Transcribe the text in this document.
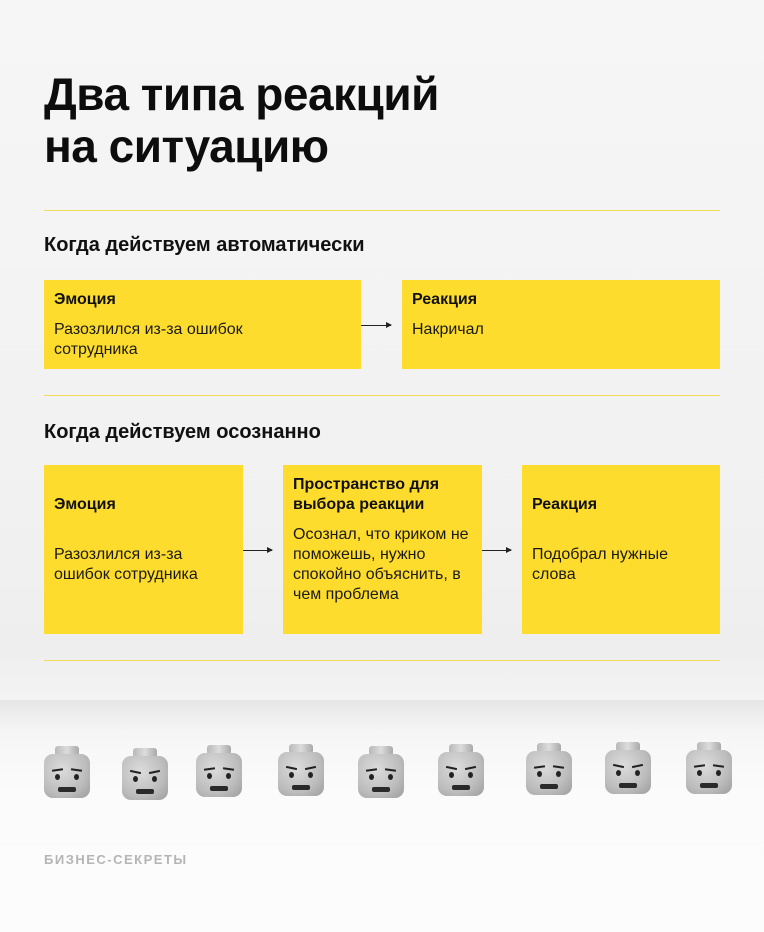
Два типа реакций
на ситуацию
Когда действуем автоматически
Эмоция
Разозлился из-за ошибок сотрудника
Реакция
Накричал
Когда действуем осознанно
Эмоция
Разозлился из-за ошибок сотрудника
Пространство для выбора реакции
Осознал, что криком не поможешь, нужно спокойно объяснить, в чем проблема
Реакция
Подобрал нужные слова
БИЗНЕС-СЕКРЕТЫ
